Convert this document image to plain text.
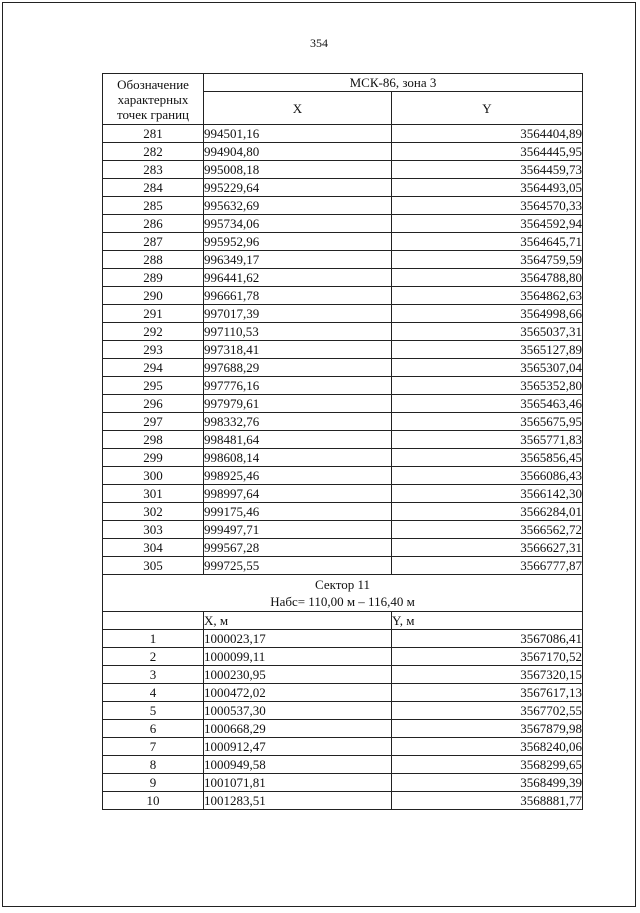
354
Обозначение характерных точек границ	МСК-86, зона 3	
	X	Y
281	994501,16	3564404,89
282	994904,80	3564445,95
283	995008,18	3564459,73
284	995229,64	3564493,05
285	995632,69	3564570,33
286	995734,06	3564592,94
287	995952,96	3564645,71
288	996349,17	3564759,59
289	996441,62	3564788,80
290	996661,78	3564862,63
291	997017,39	3564998,66
292	997110,53	3565037,31
293	997318,41	3565127,89
294	997688,29	3565307,04
295	997776,16	3565352,80
296	997979,61	3565463,46
297	998332,76	3565675,95
298	998481,64	3565771,83
299	998608,14	3565856,45
300	998925,46	3566086,43
301	998997,64	3566142,30
302	999175,46	3566284,01
303	999497,71	3566562,72
304	999567,28	3566627,31
305	999725,55	3566777,87

Сектор 11
Набс= 110,00 м – 116,40 м		

	X, м	Y, м
1	1000023,17	3567086,41
2	1000099,11	3567170,52
3	1000230,95	3567320,15
4	1000472,02	3567617,13
5	1000537,30	3567702,55
6	1000668,29	3567879,98
7	1000912,47	3568240,06
8	1000949,58	3568299,65
9	1001071,81	3568499,39
10	1001283,51	3568881,77
